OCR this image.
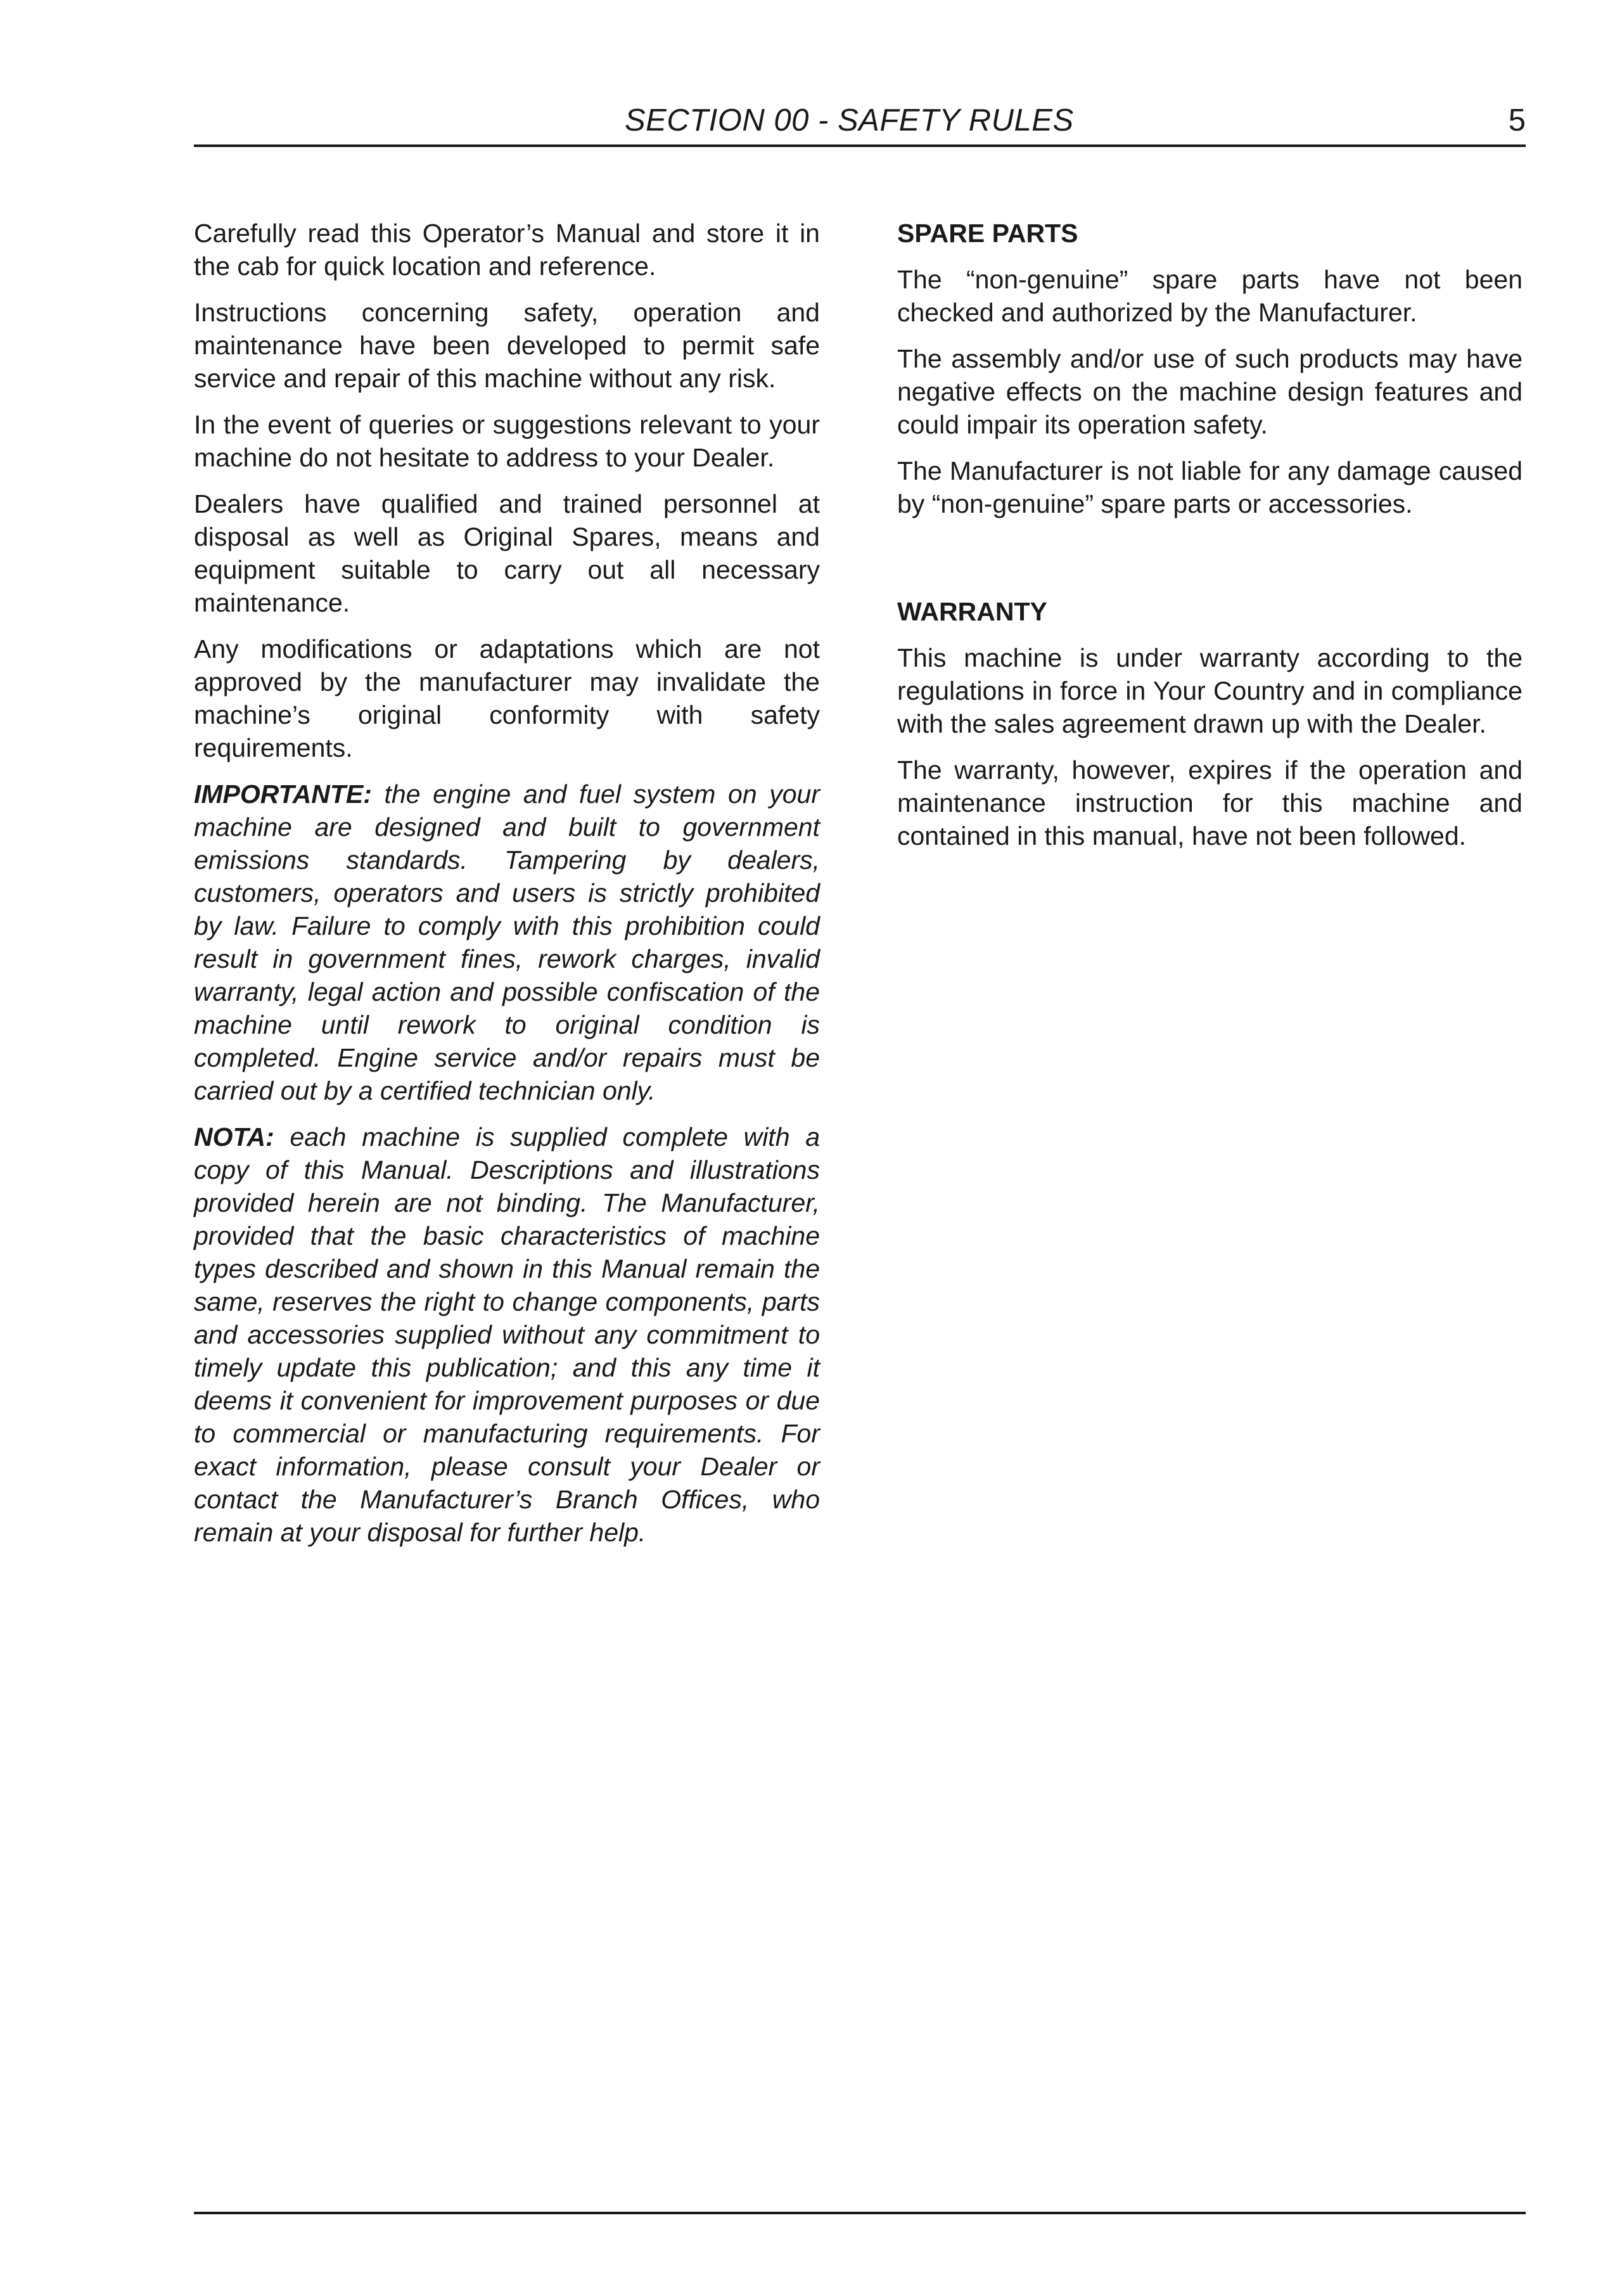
SECTION 00 - SAFETY RULES	5

Carefully read this Operator’s Manual and store it in the cab for quick location and reference.

Instructions concerning safety, operation and maintenance have been developed to permit safe service and repair of this machine without any risk.

In the event of queries or suggestions relevant to your machine do not hesitate to address to your Dealer.

Dealers have qualified and trained personnel at disposal as well as Original Spares, means and equipment suitable to carry out all necessary maintenance.

Any modifications or adaptations which are not approved by the manufacturer may invalidate the machine’s original conformity with safety requirements.

IMPORTANTE: the engine and fuel system on your machine are designed and built to government emissions standards. Tampering by dealers, customers, operators and users is strictly prohibited by law. Failure to comply with this prohibition could result in government fines, rework charges, invalid warranty, legal action and possible confiscation of the machine until rework to original condition is completed. Engine service and/or repairs must be carried out by a certified technician only.

NOTA: each machine is supplied complete with a copy of this Manual. Descriptions and illustrations provided herein are not binding. The Manufacturer, provided that the basic characteristics of machine types described and shown in this Manual remain the same, reserves the right to change components, parts and accessories supplied without any commitment to timely update this publication; and this any time it deems it convenient for improvement purposes or due to commercial or manufacturing requirements. For exact information, please consult your Dealer or contact the Manufacturer’s Branch Offices, who remain at your disposal for further help.

SPARE PARTS

The “non-genuine” spare parts have not been checked and authorized by the Manufacturer.

The assembly and/or use of such products may have negative effects on the machine design features and could impair its operation safety.

The Manufacturer is not liable for any damage caused by “non-genuine” spare parts or accessories.

WARRANTY

This machine is under warranty according to the regulations in force in Your Country and in compliance with the sales agreement drawn up with the Dealer.

The warranty, however, expires if the operation and maintenance instruction for this machine and contained in this manual, have not been followed.
